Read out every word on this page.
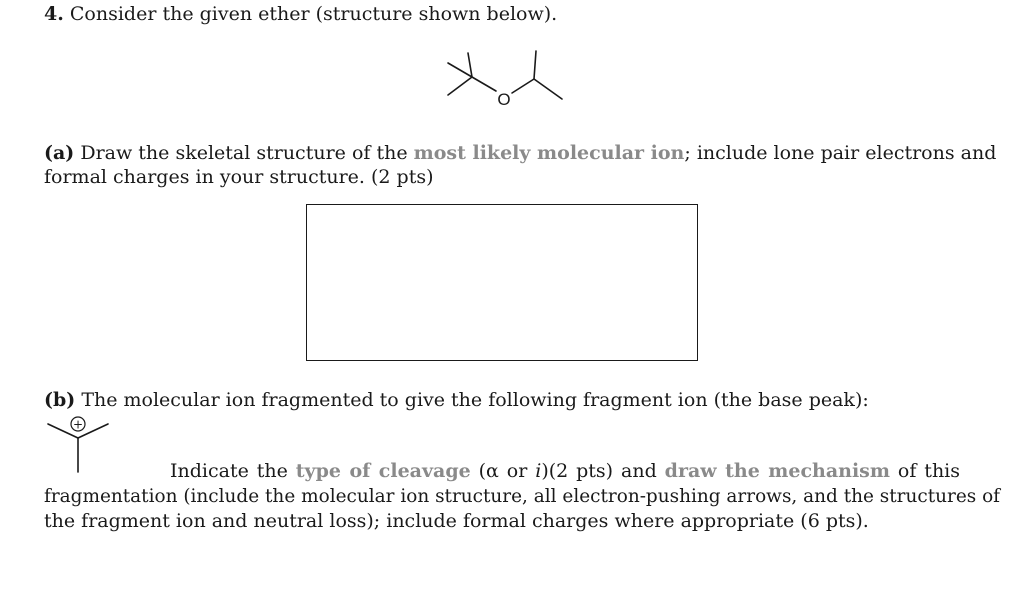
4. Consider the given ether (structure shown below).
O
(a) Draw the skeletal structure of the most likely molecular ion; include lone pair electrons and
formal charges in your structure. (2 pts)
(b) The molecular ion fragmented to give the following fragment ion (the base peak):
+
Indicate the type of cleavage (α or i)(2 pts) and draw the mechanism of this
fragmentation (include the molecular ion structure, all electron-pushing arrows, and the structures of
the fragment ion and neutral loss); include formal charges where appropriate (6 pts).
